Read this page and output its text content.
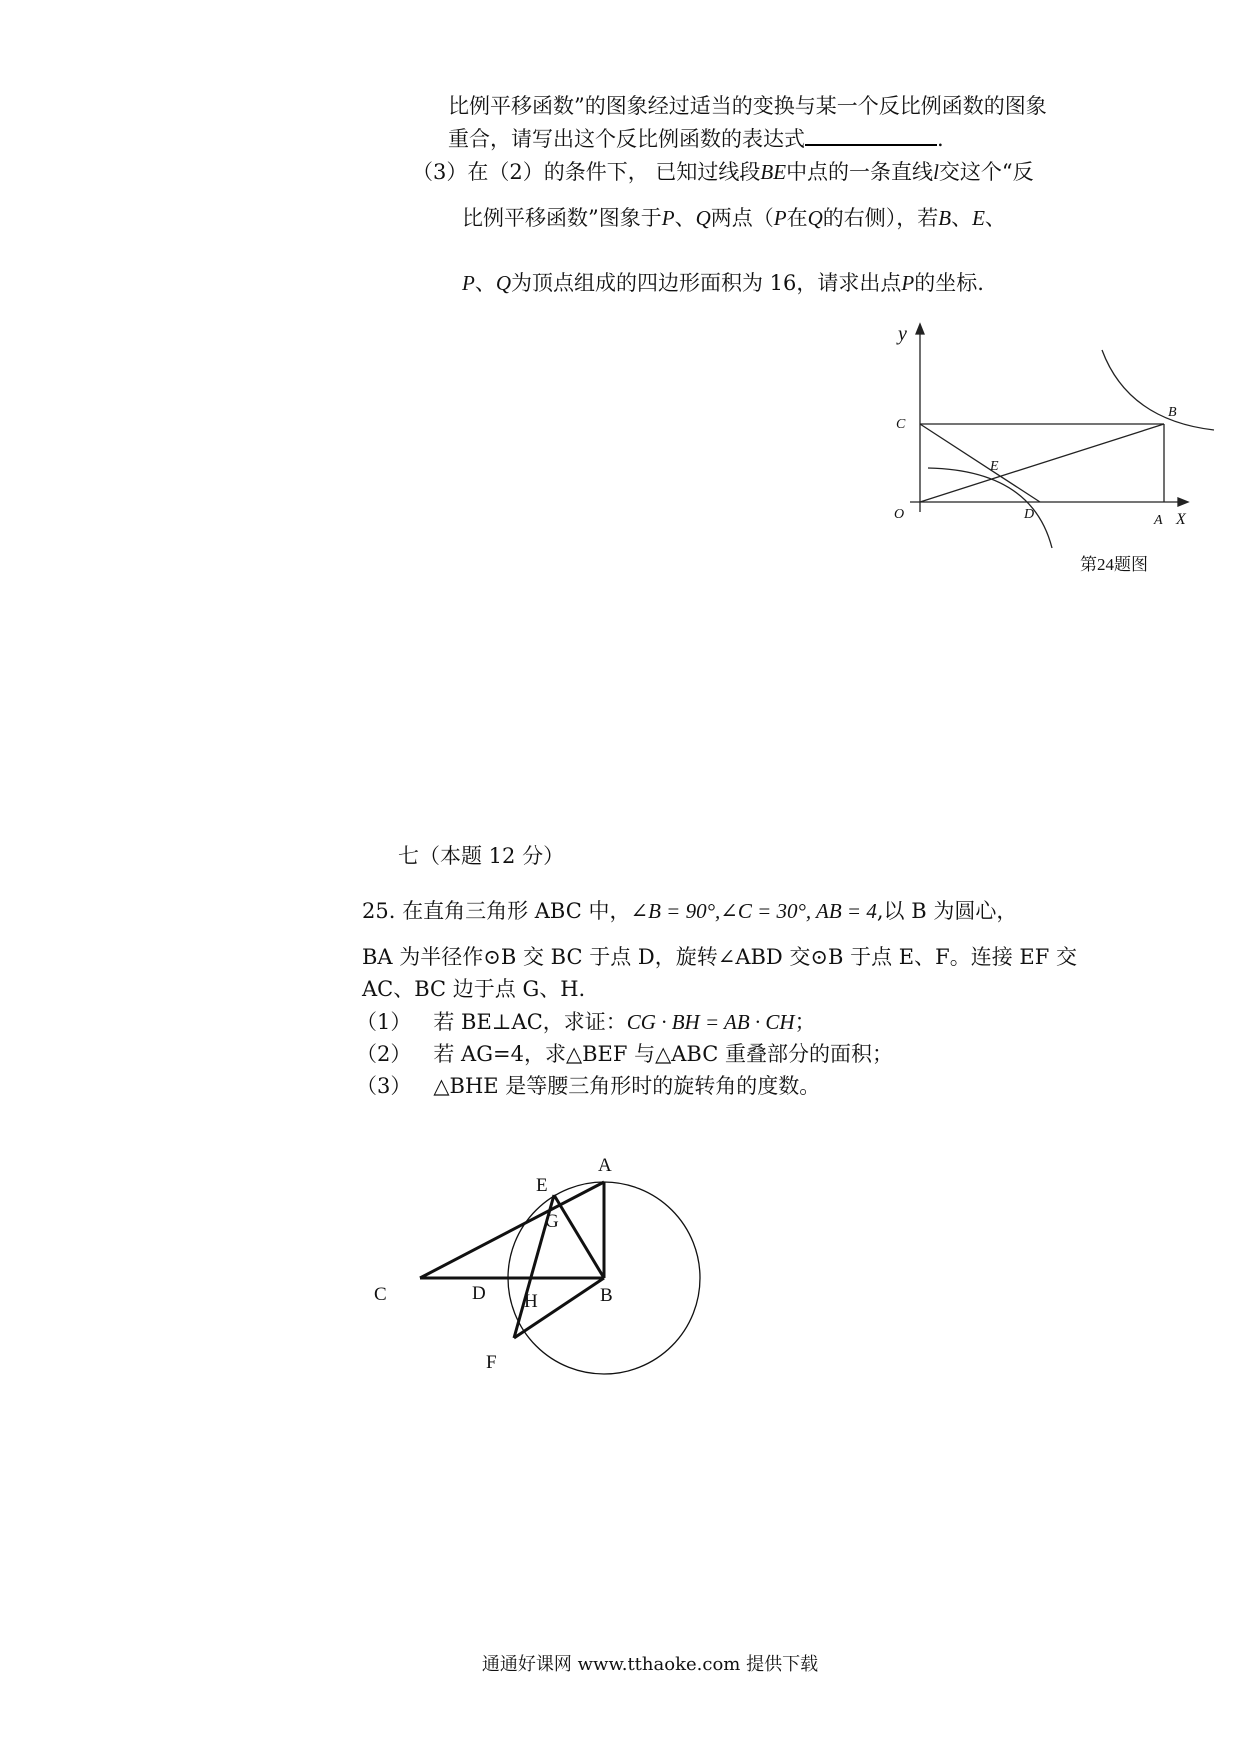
比例平移函数”的图象经过适当的变换与某一个反比例函数的图象
重合，请写出这个反比例函数的表达式	.
（3）在（2）的条件下， 已知过线段BE中点的一条直线l交这个“反
比例平移函数”图象于P、Q两点（P在Q的右侧），若B、E、
P、Q为顶点组成的四边形面积为 16，请求出点P的坐标.
y
C
B
E
O	D	A X
第24题图
七（本题 12 分）
25. 在直角三角形 ABC 中，∠B = 90°,∠C = 30°, AB = 4,以 B 为圆心，
BA 为半径作⊙B 交 BC 于点 D，旋转∠ABD 交⊙B 于点 E、F。连接 EF 交
AC、BC 边于点 G、H.
（1） 若 BE⊥AC，求证：CG · BH = AB · CH；
（2） 若 AG=4，求△BEF 与△ABC 重叠部分的面积；
（3） △BHE 是等腰三角形时的旋转角的度数。
A
E
G
C	D H	B
F
通通好课网 www.tthaoke.com 提供下载
